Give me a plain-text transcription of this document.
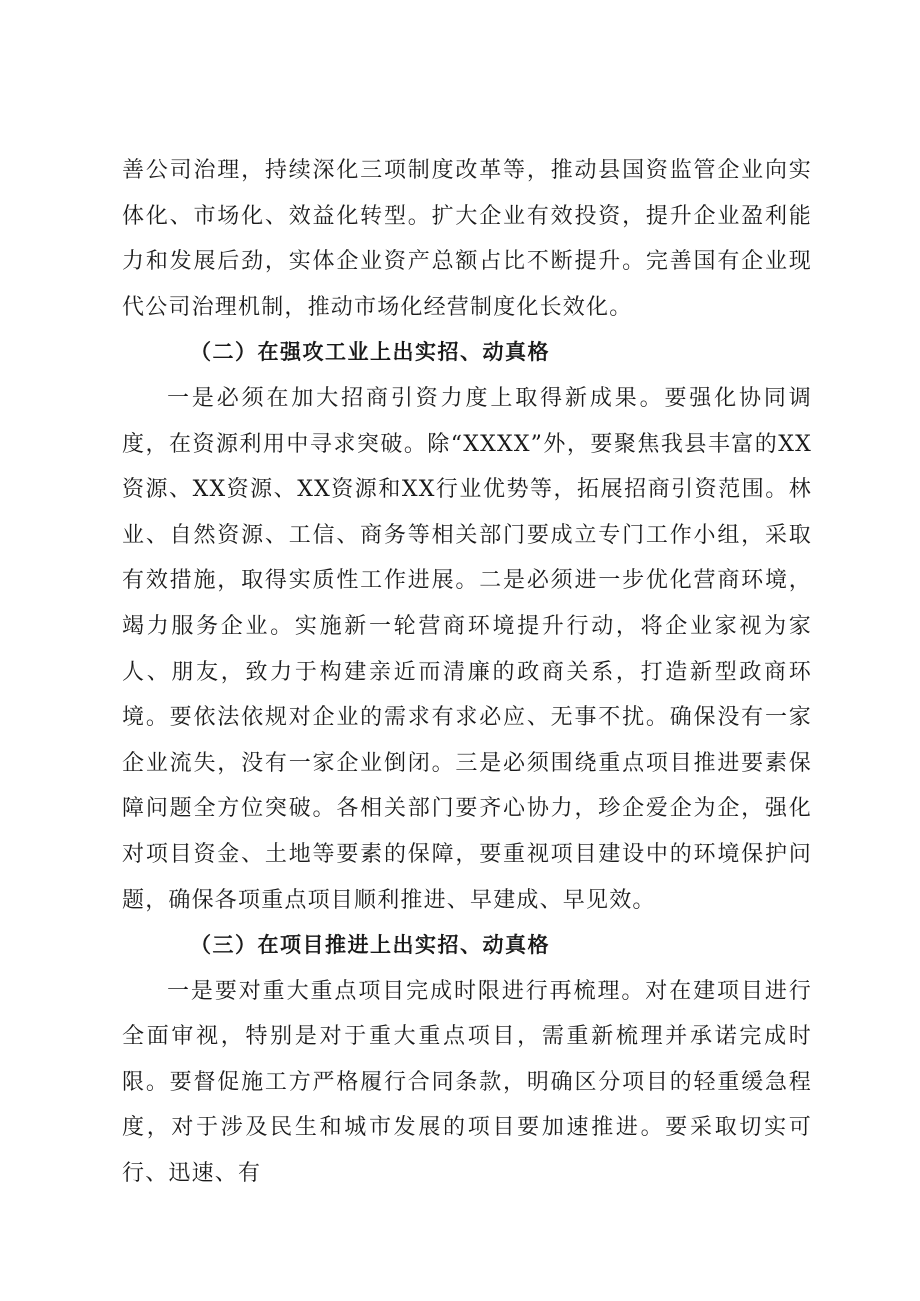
善公司治理，持续深化三项制度改革等，推动县国资监管企业向实体化、市场化、效益化转型。扩大企业有效投资，提升企业盈利能力和发展后劲，实体企业资产总额占比不断提升。完善国有企业现代公司治理机制，推动市场化经营制度化长效化。

（二）在强攻工业上出实招、动真格

一是必须在加大招商引资力度上取得新成果。要强化协同调度，在资源利用中寻求突破。除“XXXX”外，要聚焦我县丰富的XX资源、XX资源、XX资源和XX行业优势等，拓展招商引资范围。林业、自然资源、工信、商务等相关部门要成立专门工作小组，采取有效措施，取得实质性工作进展。二是必须进一步优化营商环境，竭力服务企业。实施新一轮营商环境提升行动，将企业家视为家人、朋友，致力于构建亲近而清廉的政商关系，打造新型政商环境。要依法依规对企业的需求有求必应、无事不扰。确保没有一家企业流失，没有一家企业倒闭。三是必须围绕重点项目推进要素保障问题全方位突破。各相关部门要齐心协力，珍企爱企为企，强化对项目资金、土地等要素的保障，要重视项目建设中的环境保护问题，确保各项重点项目顺利推进、早建成、早见效。

（三）在项目推进上出实招、动真格

一是要对重大重点项目完成时限进行再梳理。对在建项目进行全面审视，特别是对于重大重点项目，需重新梳理并承诺完成时限。要督促施工方严格履行合同条款，明确区分项目的轻重缓急程度，对于涉及民生和城市发展的项目要加速推进。要采取切实可行、迅速、有
